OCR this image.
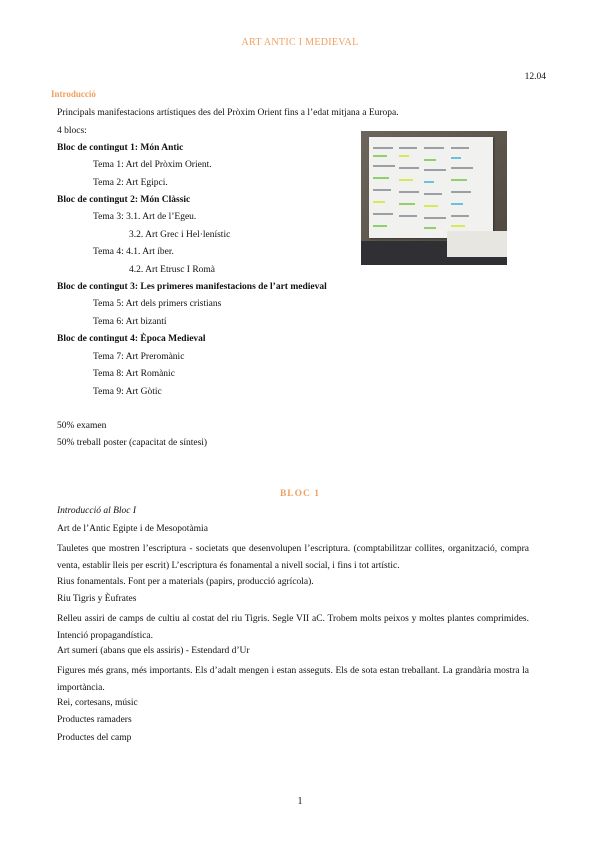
ART ANTIC I MEDIEVAL
12.04
Introducció
Principals manifestacions artístiques des del Pròxim Orient fins a l’edat mitjana a Europa.
4 blocs:
Bloc de contingut 1: Món Antic
Tema 1: Art del Pròxim Orient.
Tema 2: Art Egipci.
Bloc de contingut 2: Món Clàssic
Tema 3: 3.1. Art de l’Egeu.
3.2. Art Grec i Hel·lenístic
Tema 4: 4.1. Art íber.
4.2. Art Etrusc I Romà
Bloc de contingut 3: Les primeres manifestacions de l’art medieval
Tema 5: Art dels primers cristians
Tema 6: Art bizantí
Bloc de contingut 4: Època Medieval
Tema 7: Art Preromànic
Tema 8: Art Romànic
Tema 9: Art Gòtic
50% examen
50% treball poster (capacitat de síntesi)
BLOC 1
Introducció al Bloc I
Art de l’Antic Egipte i de Mesopotàmia
Tauletes que mostren l’escriptura - societats que desenvolupen l’escriptura. (comptabilitzar collites, organització, compra venta, establir lleis per escrit) L’escriptura és fonamental a nivell social, i fins i tot artístic.
Rius fonamentals. Font per a materials (papirs, producció agrícola).
Riu Tigris y Èufrates
Relleu assiri de camps de cultiu al costat del riu Tigris. Segle VII aC. Trobem molts peixos y moltes plantes comprimides. Intenció propagandística.
Art sumeri (abans que els assiris) - Estendard d’Ur
Figures més grans, més importants. Els d’adalt mengen i estan asseguts. Els de sota estan treballant. La grandària mostra la importància.
Rei, cortesans, músic
Productes ramaders
Productes del camp
1
